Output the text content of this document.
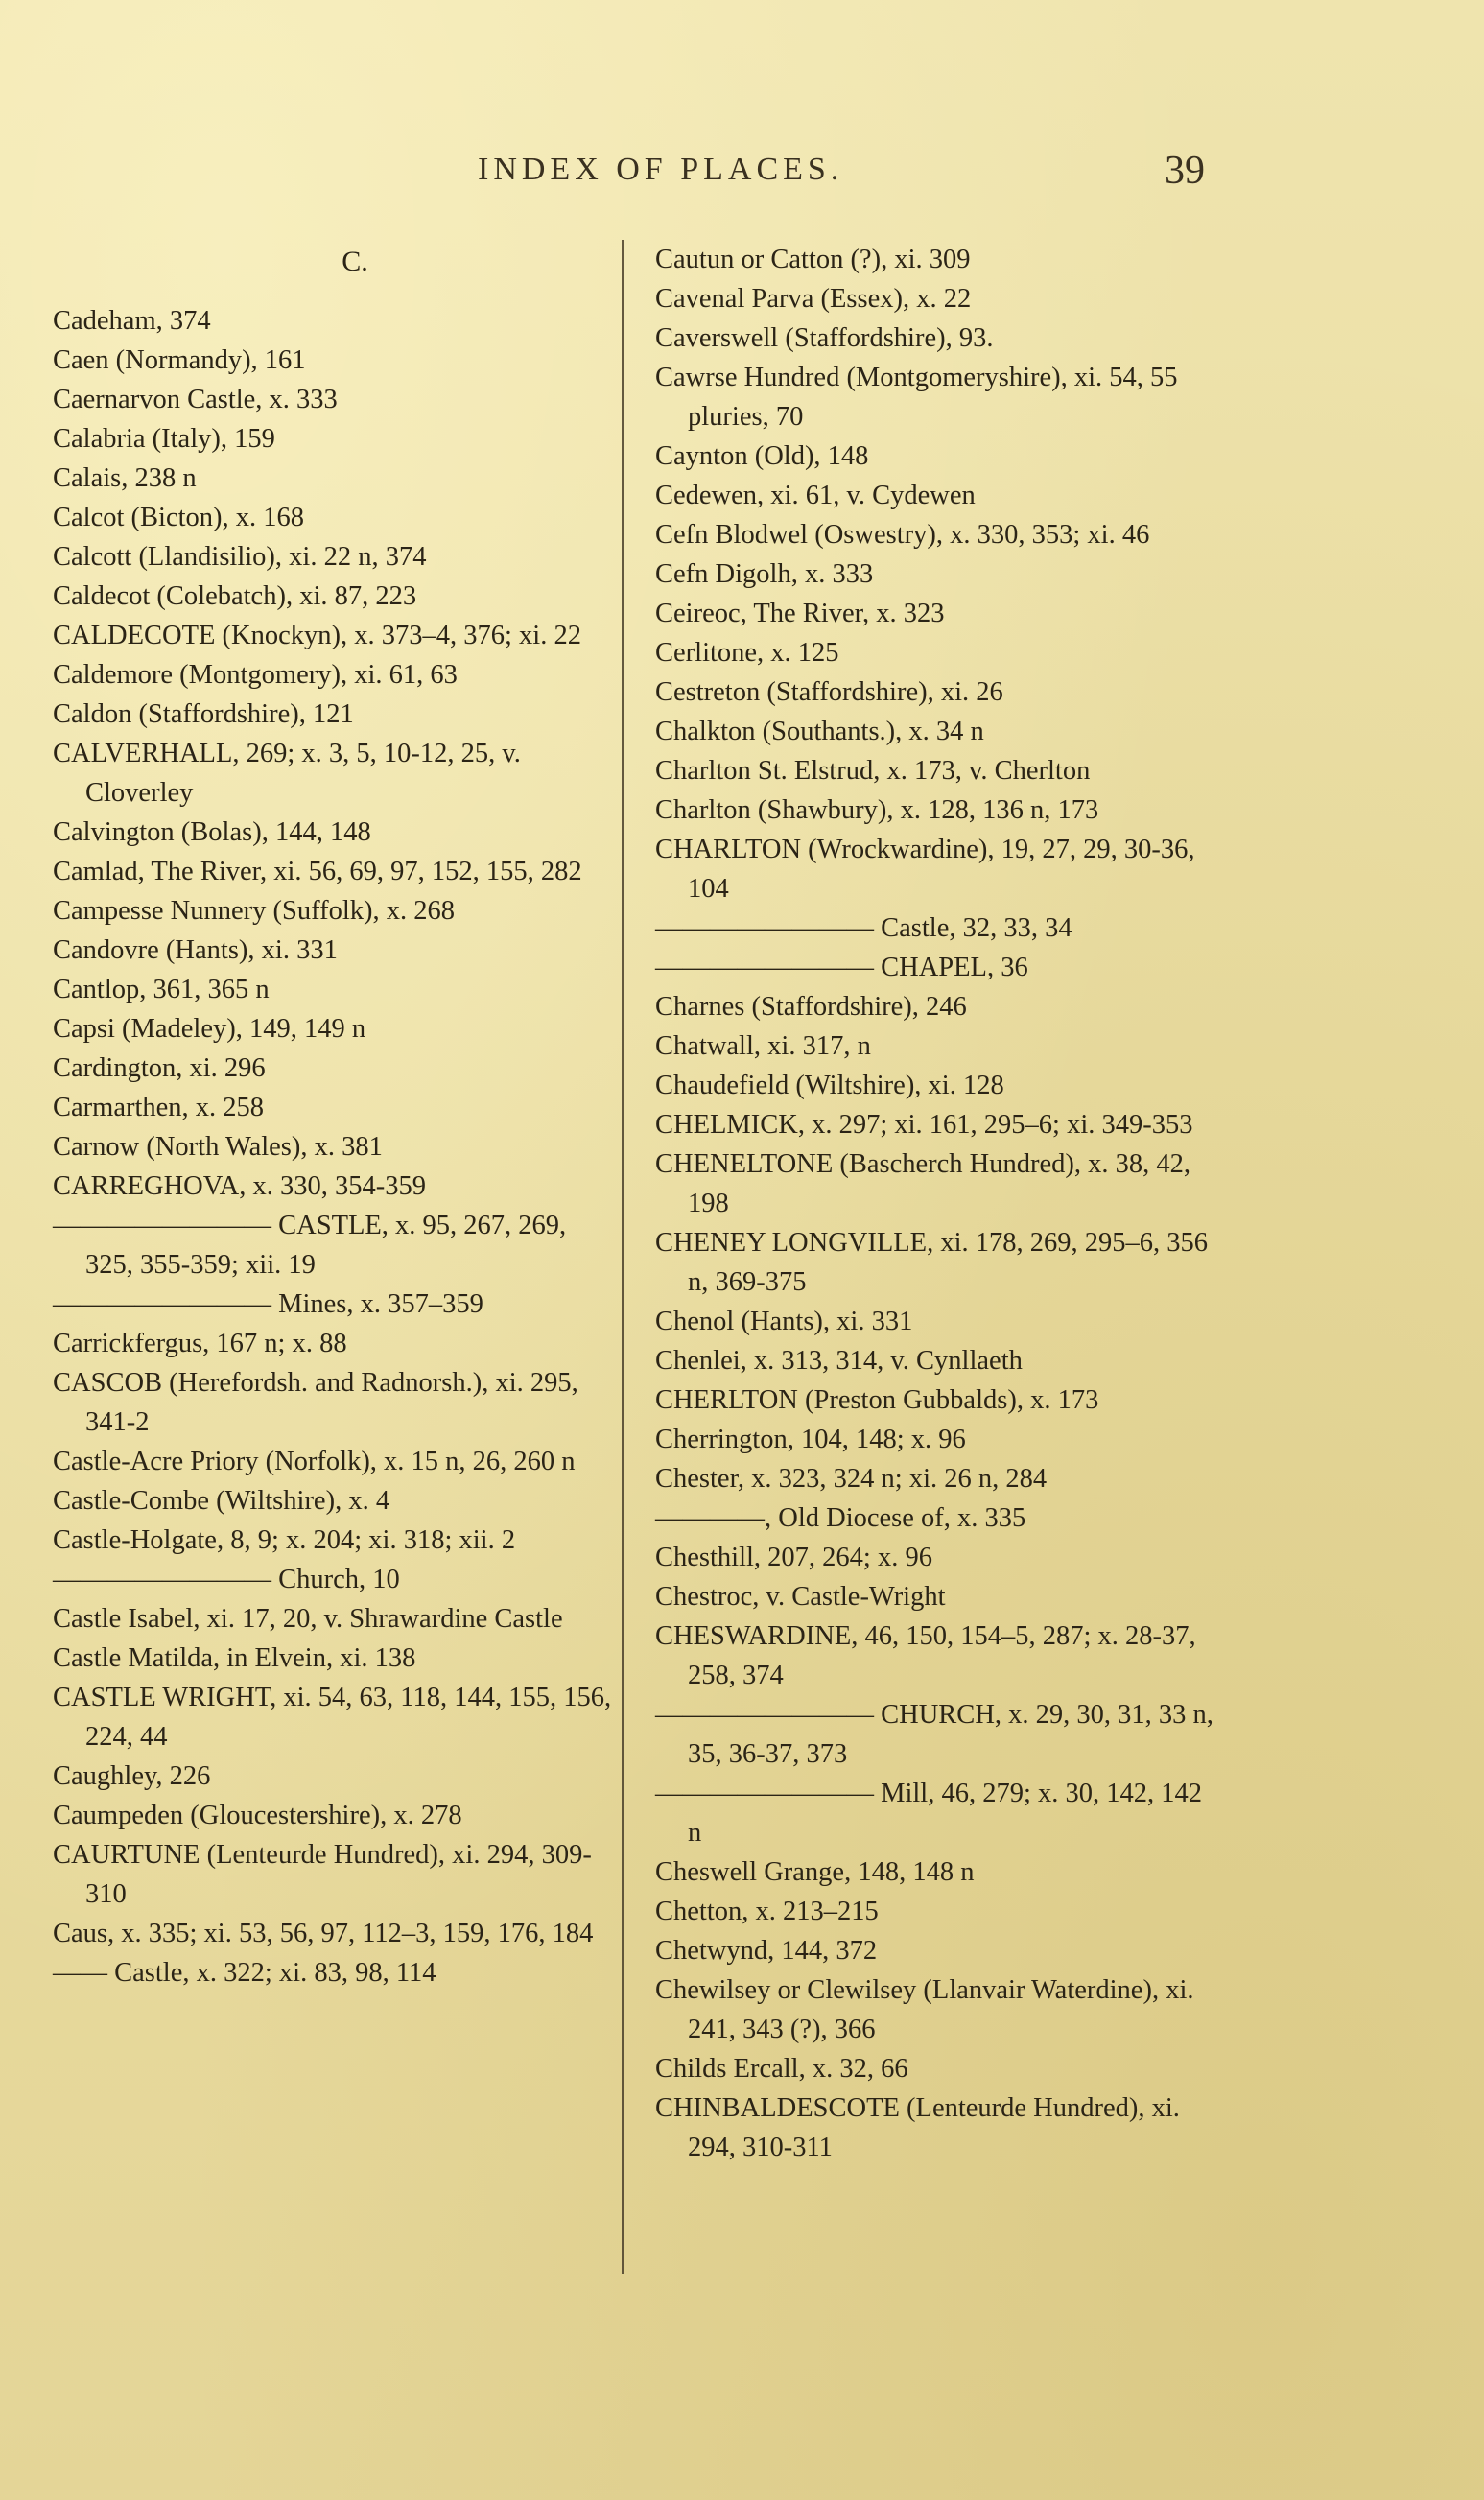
INDEX OF PLACES.	39
C.

Cadeham, 374

Caen (Normandy), 161

Caernarvon Castle, x. 333

Calabria (Italy), 159

Calais, 238 n

Calcot (Bicton), x. 168

Calcott (Llandisilio), xi. 22 n, 374

Caldecot (Colebatch), xi. 87, 223

CALDECOTE (Knockyn), x. 373–4, 376; xi. 22

Caldemore (Montgomery), xi. 61, 63

Caldon (Staffordshire), 121

CALVERHALL, 269; x. 3, 5, 10-12, 25, v. Cloverley

Calvington (Bolas), 144, 148

Camlad, The River, xi. 56, 69, 97, 152, 155, 282

Campesse Nunnery (Suffolk), x. 268

Candovre (Hants), xi. 331

Cantlop, 361, 365 n

Capsi (Madeley), 149, 149 n

Cardington, xi. 296

Carmarthen, x. 258

Carnow (North Wales), x. 381

CARREGHOVA, x. 330, 354-359

———————— CASTLE, x. 95, 267, 269, 325, 355-359; xii. 19

———————— Mines, x. 357–359

Carrickfergus, 167 n; x. 88

CASCOB (Herefordsh. and Radnorsh.), xi. 295, 341-2

Castle-Acre Priory (Norfolk), x. 15 n, 26, 260 n

Castle-Combe (Wiltshire), x. 4

Castle-Holgate, 8, 9; x. 204; xi. 318; xii. 2

———————— Church, 10

Castle Isabel, xi. 17, 20, v. Shrawardine Castle

Castle Matilda, in Elvein, xi. 138

CASTLE WRIGHT, xi. 54, 63, 118, 144, 155, 156, 224, 44

Caughley, 226

Caumpeden (Gloucestershire), x. 278

CAURTUNE (Lenteurde Hundred), xi. 294, 309-310

Caus, x. 335; xi. 53, 56, 97, 112–3, 159, 176, 184

—— Castle, x. 322; xi. 83, 98, 114

Cautun or Catton (?), xi. 309

Cavenal Parva (Essex), x. 22

Caverswell (Staffordshire), 93.

Cawrse Hundred (Montgomeryshire), xi. 54, 55 pluries, 70

Caynton (Old), 148

Cedewen, xi. 61, v. Cydewen

Cefn Blodwel (Oswestry), x. 330, 353; xi. 46

Cefn Digolh, x. 333

Ceireoc, The River, x. 323

Cerlitone, x. 125

Cestreton (Staffordshire), xi. 26

Chalkton (Southants.), x. 34 n

Charlton St. Elstrud, x. 173, v. Cherlton

Charlton (Shawbury), x. 128, 136 n, 173

CHARLTON (Wrockwardine), 19, 27, 29, 30-36, 104

———————— Castle, 32, 33, 34

———————— CHAPEL, 36

Charnes (Staffordshire), 246

Chatwall, xi. 317, n

Chaudefield (Wiltshire), xi. 128

CHELMICK, x. 297; xi. 161, 295–6; xi. 349-353

CHENELTONE (Bascherch Hundred), x. 38, 42, 198

CHENEY LONGVILLE, xi. 178, 269, 295–6, 356 n, 369-375

Chenol (Hants), xi. 331

Chenlei, x. 313, 314, v. Cynllaeth

CHERLTON (Preston Gubbalds), x. 173

Cherrington, 104, 148; x. 96

Chester, x. 323, 324 n; xi. 26 n, 284

————, Old Diocese of, x. 335

Chesthill, 207, 264; x. 96

Chestroc, v. Castle-Wright

CHESWARDINE, 46, 150, 154–5, 287; x. 28-37, 258, 374

———————— CHURCH, x. 29, 30, 31, 33 n, 35, 36-37, 373

———————— Mill, 46, 279; x. 30, 142, 142 n

Cheswell Grange, 148, 148 n

Chetton, x. 213–215

Chetwynd, 144, 372

Chewilsey or Clewilsey (Llanvair Waterdine), xi. 241, 343 (?), 366

Childs Ercall, x. 32, 66

CHINBALDESCOTE (Lenteurde Hundred), xi. 294, 310-311
